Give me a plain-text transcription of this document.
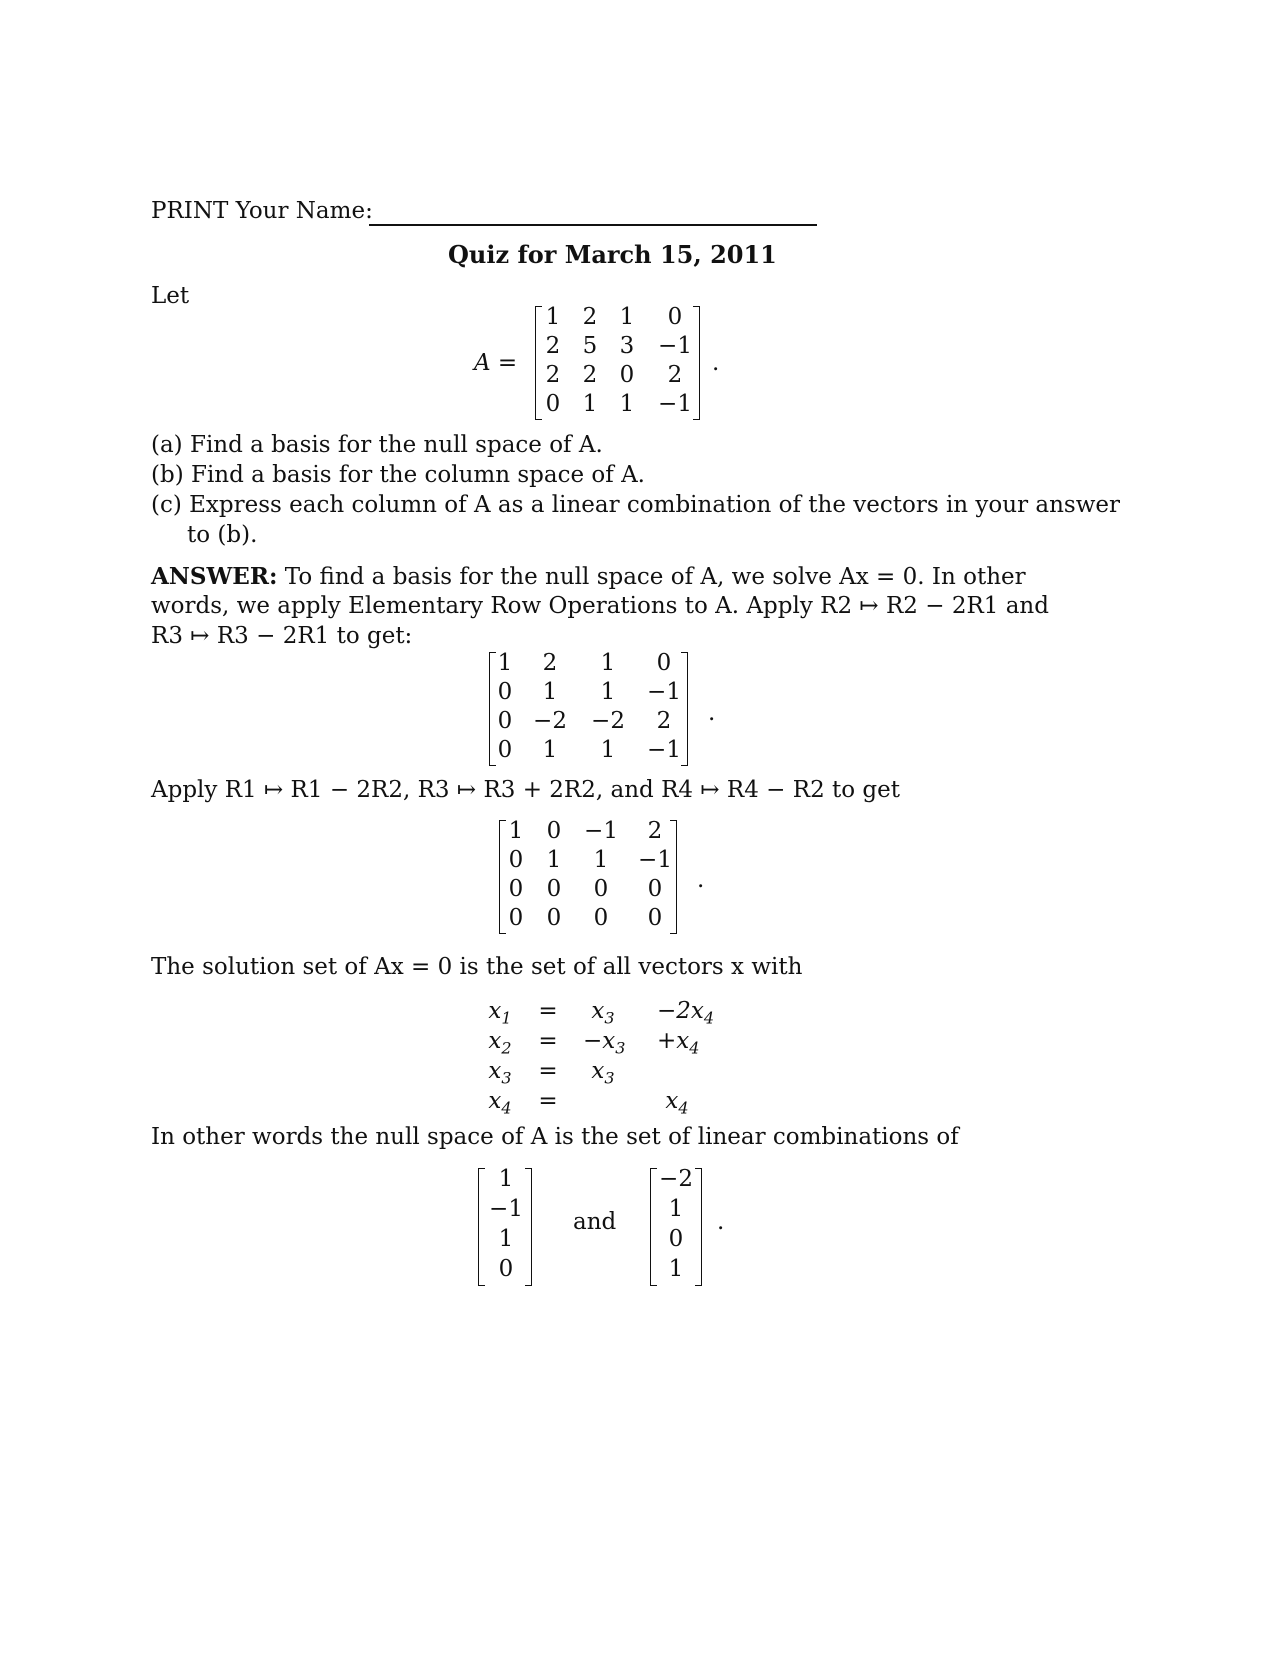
PRINT Your Name:
Quiz for March 15, 2011
Let
A =
1 2 1	0
2 5 3	−1
2 2 0	2
0 1 1	−1
.
(a) Find a basis for the null space of A.
(b) Find a basis for the column space of A.
(c) Express each column of A as a linear combination of the vectors in your answer
to (b).
ANSWER: To find a basis for the null space of A, we solve Ax = 0. In other
words, we apply Elementary Row Operations to A. Apply R2 ↦ R2 − 2R1 and
R3 ↦ R3 − 2R1 to get:
1	2	1	0
0	1	1	−1
0 −2 −2	2
0	1	1	−1
.
Apply R1 ↦ R1 − 2R2, R3 ↦ R3 + 2R2, and R4 ↦ R4 − R2 to get
1	0 −1	2
0	1	1	−1
0	0	0	0
0	0	0	0
.
The solution set of Ax = 0 is the set of all vectors x with
$x_1$	=	$x_3$	$-2x_4$
$x_2$	=	$-x_3 +x_4$
$x_3$	=	$x_3$
$x_4$	=	$x_4$
In other words the null space of A is the set of linear combinations of
1
−1
1
0
and
−2
1
0
1
.
